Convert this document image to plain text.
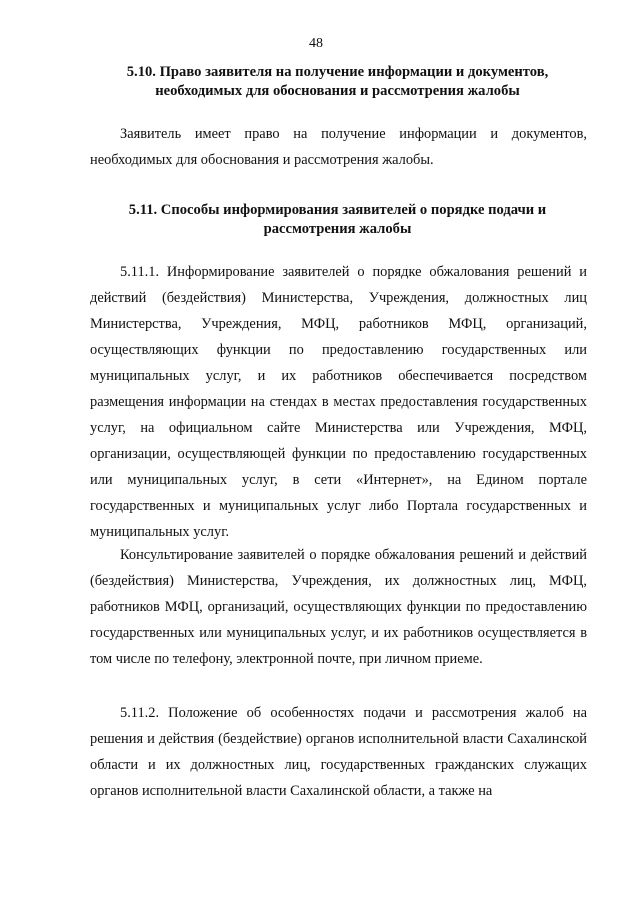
48
5.10. Право заявителя на получение информации и документов,
необходимых для обоснования и рассмотрения жалобы

Заявитель имеет право на получение информации и документов, необходимых для обоснования и рассмотрения жалобы.

5.11. Способы информирования заявителей о порядке подачи и
рассмотрения жалобы

5.11.1. Информирование заявителей о порядке обжалования решений и действий (бездействия) Министерства, Учреждения, должностных лиц Министерства, Учреждения, МФЦ, работников МФЦ, организаций, осуществляющих функции по предоставлению государственных или муниципальных услуг, и их работников обеспечивается посредством размещения информации на стендах в местах предоставления государственных услуг, на официальном сайте Министерства или Учреждения, МФЦ, организации, осуществляющей функции по предоставлению государственных или муниципальных услуг, в сети «Интернет», на Едином портале государственных и муниципальных услуг либо Портала государственных и муниципальных услуг.

Консультирование заявителей о порядке обжалования решений и действий (бездействия) Министерства, Учреждения, их должностных лиц, МФЦ, работников МФЦ, организаций, осуществляющих функции по предоставлению государственных или муниципальных услуг, и их работников осуществляется в том числе по телефону, электронной почте, при личном приеме.

5.11.2. Положение об особенностях подачи и рассмотрения жалоб на решения и действия (бездействие) органов исполнительной власти Сахалинской области и их должностных лиц, государственных гражданских служащих органов исполнительной власти Сахалинской области, а также на
